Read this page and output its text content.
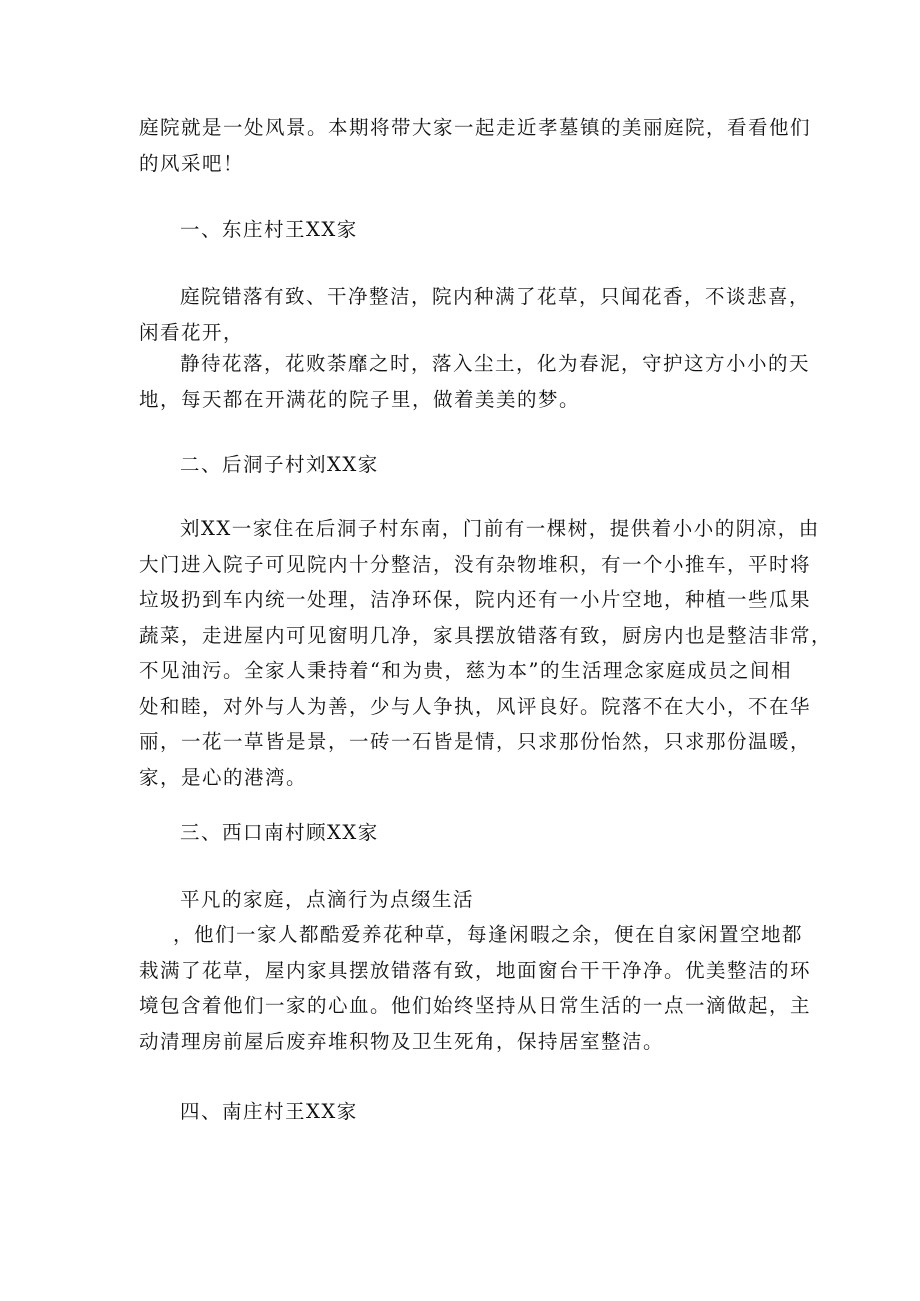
庭院就是一处风景。本期将带大家一起走近孝墓镇的美丽庭院，看看他们
的风采吧！

一、东庄村王XX家

庭院错落有致、干净整洁，院内种满了花草，只闻花香，不谈悲喜，
闲看花开，

静待花落，花败荼靡之时，落入尘土，化为春泥，守护这方小小的天
地，每天都在开满花的院子里，做着美美的梦。

二、后洞子村刘XX家

刘XX一家住在后洞子村东南，门前有一棵树，提供着小小的阴凉，由
大门进入院子可见院内十分整洁，没有杂物堆积，有一个小推车，平时将
垃圾扔到车内统一处理，洁净环保，院内还有一小片空地，种植一些瓜果
蔬菜，走进屋内可见窗明几净，家具摆放错落有致，厨房内也是整洁非常，
不见油污。全家人秉持着“和为贵，慈为本”的生活理念家庭成员之间相
处和睦，对外与人为善，少与人争执，风评良好。院落不在大小，不在华
丽，一花一草皆是景，一砖一石皆是情，只求那份怡然，只求那份温暖，
家，是心的港湾。

三、西口南村顾XX家

平凡的家庭，点滴行为点缀生活

，他们一家人都酷爱养花种草，每逢闲暇之余，便在自家闲置空地都
栽满了花草，屋内家具摆放错落有致，地面窗台干干净净。优美整洁的环
境包含着他们一家的心血。他们始终坚持从日常生活的一点一滴做起，主
动清理房前屋后废弃堆积物及卫生死角，保持居室整洁。

四、南庄村王XX家
